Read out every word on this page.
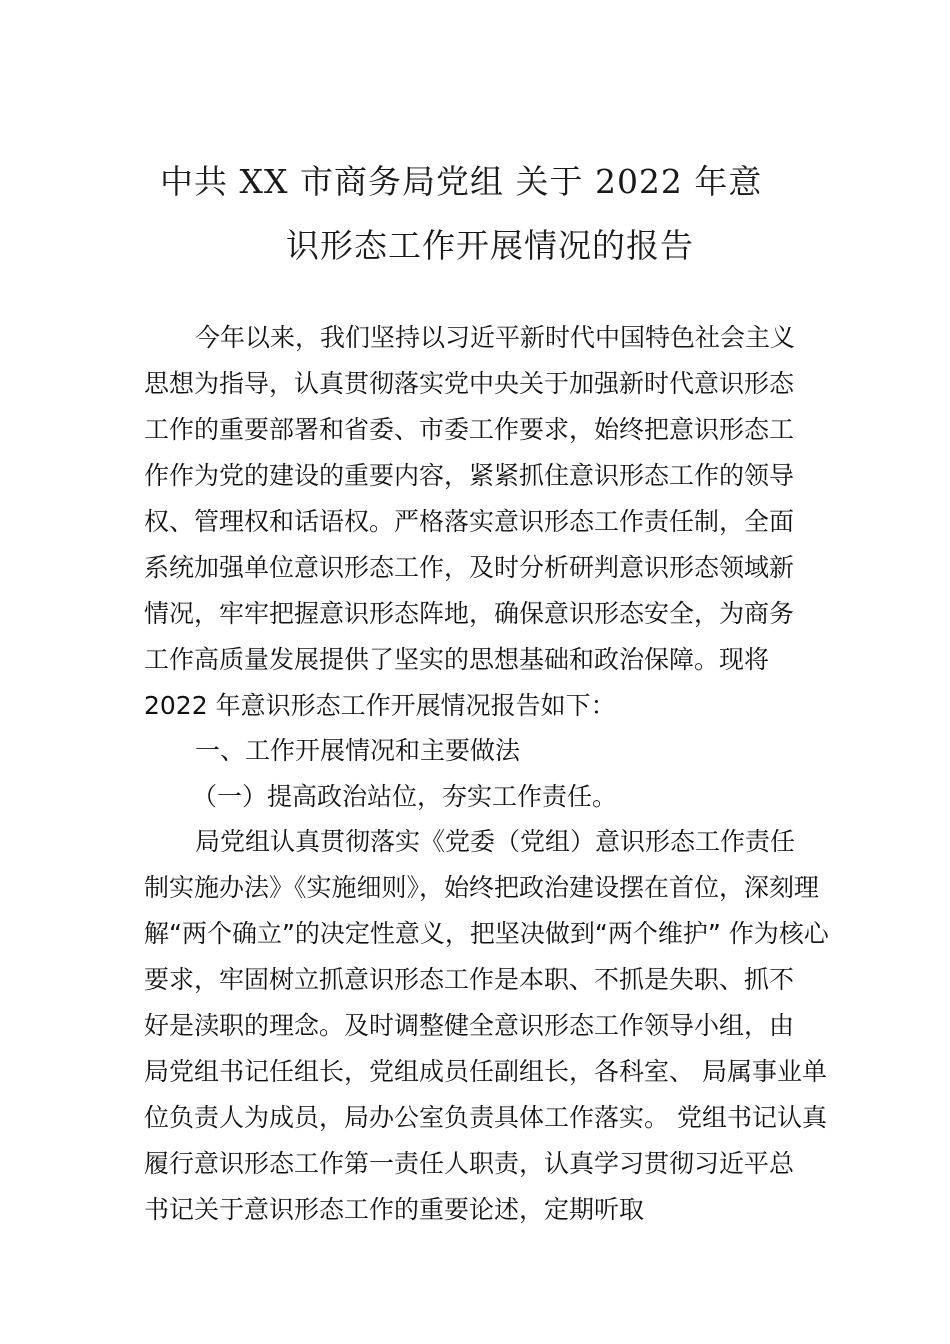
中共 XX 市商务局党组 关于 2022 年意
识形态工作开展情况的报告
今年以来，我们坚持以习近平新时代中国特色社会主义
思想为指导，认真贯彻落实党中央关于加强新时代意识形态
工作的重要部署和省委、市委工作要求，始终把意识形态工
作作为党的建设的重要内容，紧紧抓住意识形态工作的领导
权、管理权和话语权。严格落实意识形态工作责任制，全面
系统加强单位意识形态工作，及时分析研判意识形态领域新
情况，牢牢把握意识形态阵地，确保意识形态安全，为商务
工作高质量发展提供了坚实的思想基础和政治保障。现将
2022 年意识形态工作开展情况报告如下：
一、工作开展情况和主要做法
（一）提高政治站位，夯实工作责任。
局党组认真贯彻落实《党委（党组）意识形态工作责任
制实施办法》《实施细则》，始终把政治建设摆在首位，深刻理
解“两个确立”的决定性意义，把坚决做到“两个维护” 作为核心
要求，牢固树立抓意识形态工作是本职、不抓是失职、抓不
好是渎职的理念。及时调整健全意识形态工作领导小组，由
局党组书记任组长，党组成员任副组长，各科室、 局属事业单
位负责人为成员，局办公室负责具体工作落实。 党组书记认真
履行意识形态工作第一责任人职责，认真学习贯彻习近平总
书记关于意识形态工作的重要论述，定期听取
